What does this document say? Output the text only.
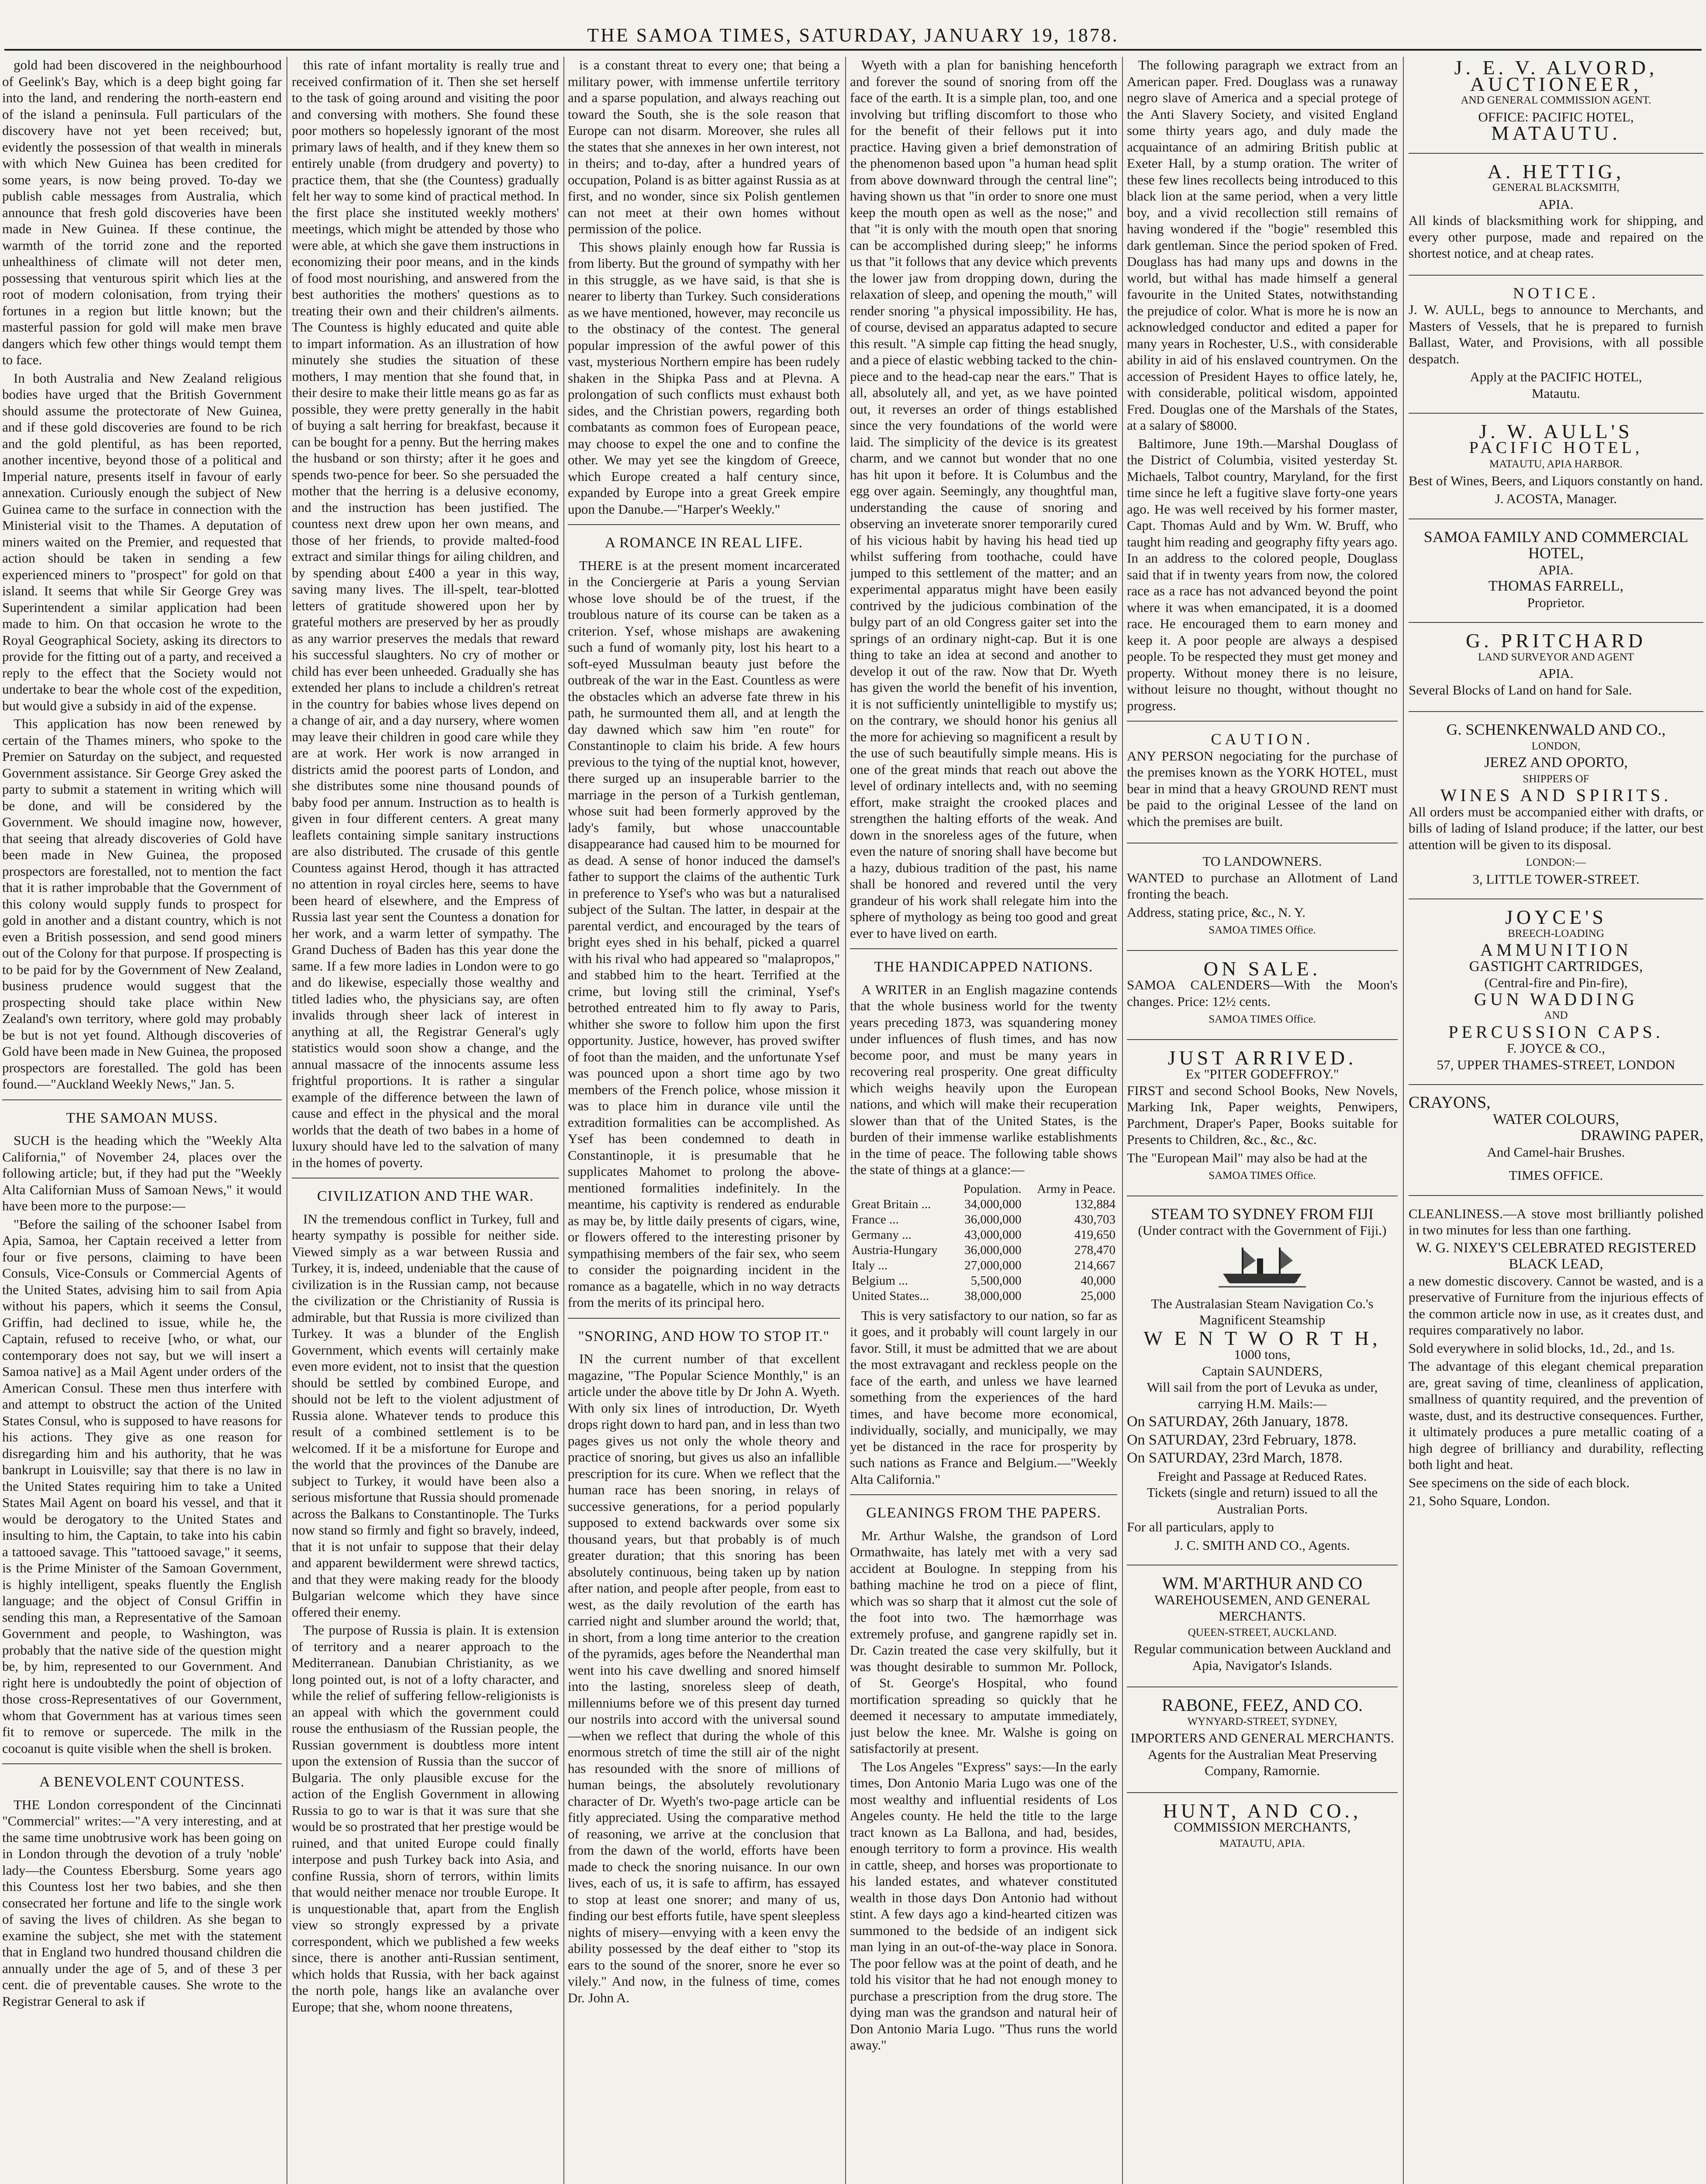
THE SAMOA TIMES, SATURDAY, JANUARY 19, 1878.

gold had been discovered in the neighbourhood of Geelink's Bay, which is a deep bight going far into the land, and rendering the north-eastern end of the island a peninsula. Full particulars of the discovery have not yet been received; but, evidently the possession of that wealth in minerals with which New Guinea has been credited for some years, is now being proved. To-day we publish cable messages from Australia, which announce that fresh gold discoveries have been made in New Guinea. If these continue, the warmth of the torrid zone and the reported unhealthiness of climate will not deter men, possessing that venturous spirit which lies at the root of modern colonisation, from trying their fortunes in a region but little known; but the masterful passion for gold will make men brave dangers which few other things would tempt them to face.

In both Australia and New Zealand religious bodies have urged that the British Government should assume the protectorate of New Guinea, and if these gold discoveries are found to be rich and the gold plentiful, as has been reported, another incentive, beyond those of a political and Imperial nature, presents itself in favour of early annexation. Curiously enough the subject of New Guinea came to the surface in connection with the Ministerial visit to the Thames. A deputation of miners waited on the Premier, and requested that action should be taken in sending a few experienced miners to "prospect" for gold on that island. It seems that while Sir George Grey was Superintendent a similar application had been made to him. On that occasion he wrote to the Royal Geographical Society, asking its directors to provide for the fitting out of a party, and received a reply to the effect that the Society would not undertake to bear the whole cost of the expedition, but would give a subsidy in aid of the expense.

This application has now been renewed by certain of the Thames miners, who spoke to the Premier on Saturday on the subject, and requested Government assistance. Sir George Grey asked the party to submit a statement in writing which will be done, and will be considered by the Government. We should imagine now, however, that seeing that already discoveries of Gold have been made in New Guinea, the proposed prospectors are forestalled, not to mention the fact that it is rather improbable that the Government of this colony would supply funds to prospect for gold in another and a distant country, which is not even a British possession, and send good miners out of the Colony for that purpose. If prospecting is to be paid for by the Government of New Zealand, business prudence would suggest that the prospecting should take place within New Zealand's own territory, where gold may probably be but is not yet found. Although discoveries of Gold have been made in New Guinea, the proposed prospectors are forestalled. The gold has been found.—"Auckland Weekly News," Jan. 5.

THE SAMOAN MUSS.

SUCH is the heading which the "Weekly Alta California," of November 24, places over the following article; but, if they had put the "Weekly Alta Californian Muss of Samoan News," it would have been more to the purpose:—

"Before the sailing of the schooner Isabel from Apia, Samoa, her Captain received a letter from four or five persons, claiming to have been Consuls, Vice-Consuls or Commercial Agents of the United States, advising him to sail from Apia without his papers, which it seems the Consul, Griffin, had declined to issue, while he, the Captain, refused to receive [who, or what, our contemporary does not say, but we will insert a Samoa native] as a Mail Agent under orders of the American Consul. These men thus interfere with and attempt to obstruct the action of the United States Consul, who is supposed to have reasons for his actions. They give as one reason for disregarding him and his authority, that he was bankrupt in Louisville; say that there is no law in the United States requiring him to take a United States Mail Agent on board his vessel, and that it would be derogatory to the United States and insulting to him, the Captain, to take into his cabin a tattooed savage. This "tattooed savage," it seems, is the Prime Minister of the Samoan Government, is highly intelligent, speaks fluently the English language; and the object of Consul Griffin in sending this man, a Representative of the Samoan Government and people, to Washington, was probably that the native side of the question might be, by him, represented to our Government. And right here is undoubtedly the point of objection of those cross-Representatives of our Government, whom that Government has at various times seen fit to remove or supercede. The milk in the cocoanut is quite visible when the shell is broken.

A BENEVOLENT COUNTESS.

THE London correspondent of the Cincinnati "Commercial" writes:—"A very interesting, and at the same time unobtrusive work has been going on in London through the devotion of a truly 'noble' lady—the Countess Ebersburg. Some years ago this Countess lost her two babies, and she then consecrated her fortune and life to the single work of saving the lives of children. As she began to examine the subject, she met with the statement that in England two hundred thousand children die annually under the age of 5, and of these 3 per cent. die of preventable causes. She wrote to the Registrar General to ask if

this rate of infant mortality is really true and received confirmation of it. Then she set herself to the task of going around and visiting the poor and conversing with mothers. She found these poor mothers so hopelessly ignorant of the most primary laws of health, and if they knew them so entirely unable (from drudgery and poverty) to practice them, that she (the Countess) gradually felt her way to some kind of practical method. In the first place she instituted weekly mothers' meetings, which might be attended by those who were able, at which she gave them instructions in economizing their poor means, and in the kinds of food most nourishing, and answered from the best authorities the mothers' questions as to treating their own and their children's ailments. The Countess is highly educated and quite able to impart information. As an illustration of how minutely she studies the situation of these mothers, I may mention that she found that, in their desire to make their little means go as far as possible, they were pretty generally in the habit of buying a salt herring for breakfast, because it can be bought for a penny. But the herring makes the husband or son thirsty; after it he goes and spends two-pence for beer. So she persuaded the mother that the herring is a delusive economy, and the instruction has been justified. The countess next drew upon her own means, and those of her friends, to provide malted-food extract and similar things for ailing children, and by spending about £400 a year in this way, saving many lives. The ill-spelt, tear-blotted letters of gratitude showered upon her by grateful mothers are preserved by her as proudly as any warrior preserves the medals that reward his successful slaughters. No cry of mother or child has ever been unheeded. Gradually she has extended her plans to include a children's retreat in the country for babies whose lives depend on a change of air, and a day nursery, where women may leave their children in good care while they are at work. Her work is now arranged in districts amid the poorest parts of London, and she distributes some nine thousand pounds of baby food per annum. Instruction as to health is given in four different centers. A great many leaflets containing simple sanitary instructions are also distributed. The crusade of this gentle Countess against Herod, though it has attracted no attention in royal circles here, seems to have been heard of elsewhere, and the Empress of Russia last year sent the Countess a donation for her work, and a warm letter of sympathy. The Grand Duchess of Baden has this year done the same. If a few more ladies in London were to go and do likewise, especially those wealthy and titled ladies who, the physicians say, are often invalids through sheer lack of interest in anything at all, the Registrar General's ugly statistics would soon show a change, and the annual massacre of the innocents assume less frightful proportions. It is rather a singular example of the difference between the lawn of cause and effect in the physical and the moral worlds that the death of two babes in a home of luxury should have led to the salvation of many in the homes of poverty.

CIVILIZATION AND THE WAR.

IN the tremendous conflict in Turkey, full and hearty sympathy is possible for neither side. Viewed simply as a war between Russia and Turkey, it is, indeed, undeniable that the cause of civilization is in the Russian camp, not because the civilization or the Christianity of Russia is admirable, but that Russia is more civilized than Turkey. It was a blunder of the English Government, which events will certainly make even more evident, not to insist that the question should be settled by combined Europe, and should not be left to the violent adjustment of Russia alone. Whatever tends to produce this result of a combined settlement is to be welcomed. If it be a misfortune for Europe and the world that the provinces of the Danube are subject to Turkey, it would have been also a serious misfortune that Russia should promenade across the Balkans to Constantinople. The Turks now stand so firmly and fight so bravely, indeed, that it is not unfair to suppose that their delay and apparent bewilderment were shrewd tactics, and that they were making ready for the bloody Bulgarian welcome which they have since offered their enemy.

The purpose of Russia is plain. It is extension of territory and a nearer approach to the Mediterranean. Danubian Christianity, as we long pointed out, is not of a lofty character, and while the relief of suffering fellow-religionists is an appeal with which the government could rouse the enthusiasm of the Russian people, the Russian government is doubtless more intent upon the extension of Russia than the succor of Bulgaria. The only plausible excuse for the action of the English Government in allowing Russia to go to war is that it was sure that she would be so prostrated that her prestige would be ruined, and that united Europe could finally interpose and push Turkey back into Asia, and confine Russia, shorn of terrors, within limits that would neither menace nor trouble Europe. It is unquestionable that, apart from the English view so strongly expressed by a private correspondent, which we published a few weeks since, there is another anti-Russian sentiment, which holds that Russia, with her back against the north pole, hangs like an avalanche over Europe; that she, whom noone threatens,

is a constant threat to every one; that being a military power, with immense unfertile territory and a sparse population, and always reaching out toward the South, she is the sole reason that Europe can not disarm. Moreover, she rules all the states that she annexes in her own interest, not in theirs; and to-day, after a hundred years of occupation, Poland is as bitter against Russia as at first, and no wonder, since six Polish gentlemen can not meet at their own homes without permission of the police.

This shows plainly enough how far Russia is from liberty. But the ground of sympathy with her in this struggle, as we have said, is that she is nearer to liberty than Turkey. Such considerations as we have mentioned, however, may reconcile us to the obstinacy of the contest. The general popular impression of the awful power of this vast, mysterious Northern empire has been rudely shaken in the Shipka Pass and at Plevna. A prolongation of such conflicts must exhaust both sides, and the Christian powers, regarding both combatants as common foes of European peace, may choose to expel the one and to confine the other. We may yet see the kingdom of Greece, which Europe created a half century since, expanded by Europe into a great Greek empire upon the Danube.—"Harper's Weekly."

A ROMANCE IN REAL LIFE.

THERE is at the present moment incarcerated in the Conciergerie at Paris a young Servian whose love should be of the truest, if the troublous nature of its course can be taken as a criterion. Ysef, whose mishaps are awakening such a fund of womanly pity, lost his heart to a soft-eyed Mussulman beauty just before the outbreak of the war in the East. Countless as were the obstacles which an adverse fate threw in his path, he surmounted them all, and at length the day dawned which saw him "en route" for Constantinople to claim his bride. A few hours previous to the tying of the nuptial knot, however, there surged up an insuperable barrier to the marriage in the person of a Turkish gentleman, whose suit had been formerly approved by the lady's family, but whose unaccountable disappearance had caused him to be mourned for as dead. A sense of honor induced the damsel's father to support the claims of the authentic Turk in preference to Ysef's who was but a naturalised subject of the Sultan. The latter, in despair at the parental verdict, and encouraged by the tears of bright eyes shed in his behalf, picked a quarrel with his rival who had appeared so "malapropos," and stabbed him to the heart. Terrified at the crime, but loving still the criminal, Ysef's betrothed entreated him to fly away to Paris, whither she swore to follow him upon the first opportunity. Justice, however, has proved swifter of foot than the maiden, and the unfortunate Ysef was pounced upon a short time ago by two members of the French police, whose mission it was to place him in durance vile until the extradition formalities can be accomplished. As Ysef has been condemned to death in Constantinople, it is presumable that he supplicates Mahomet to prolong the above-mentioned formalities indefinitely. In the meantime, his captivity is rendered as endurable as may be, by little daily presents of cigars, wine, or flowers offered to the interesting prisoner by sympathising members of the fair sex, who seem to consider the poignarding incident in the romance as a bagatelle, which in no way detracts from the merits of its principal hero.

"SNORING, AND HOW TO STOP IT."

IN the current number of that excellent magazine, "The Popular Science Monthly," is an article under the above title by Dr John A. Wyeth. With only six lines of introduction, Dr. Wyeth drops right down to hard pan, and in less than two pages gives us not only the whole theory and practice of snoring, but gives us also an infallible prescription for its cure. When we reflect that the human race has been snoring, in relays of successive generations, for a period popularly supposed to extend backwards over some six thousand years, but that probably is of much greater duration; that this snoring has been absolutely continuous, being taken up by nation after nation, and people after people, from east to west, as the daily revolution of the earth has carried night and slumber around the world; that, in short, from a long time anterior to the creation of the pyramids, ages before the Neanderthal man went into his cave dwelling and snored himself into the lasting, snoreless sleep of death, millenniums before we of this present day turned our nostrils into accord with the universal sound—when we reflect that during the whole of this enormous stretch of time the still air of the night has resounded with the snore of millions of human beings, the absolutely revolutionary character of Dr. Wyeth's two-page article can be fitly appreciated. Using the comparative method of reasoning, we arrive at the conclusion that from the dawn of the world, efforts have been made to check the snoring nuisance. In our own lives, each of us, it is safe to affirm, has essayed to stop at least one snorer; and many of us, finding our best efforts futile, have spent sleepless nights of misery—envying with a keen envy the ability possessed by the deaf either to "stop its ears to the sound of the snorer, snore he ever so vilely." And now, in the fulness of time, comes Dr. John A.

Wyeth with a plan for banishing henceforth and forever the sound of snoring from off the face of the earth. It is a simple plan, too, and one involving but trifling discomfort to those who for the benefit of their fellows put it into practice. Having given a brief demonstration of the phenomenon based upon "a human head split from above downward through the central line"; having shown us that "in order to snore one must keep the mouth open as well as the nose;" and that "it is only with the mouth open that snoring can be accomplished during sleep;" he informs us that "it follows that any device which prevents the lower jaw from dropping down, during the relaxation of sleep, and opening the mouth," will render snoring "a physical impossibility. He has, of course, devised an apparatus adapted to secure this result. "A simple cap fitting the head snugly, and a piece of elastic webbing tacked to the chin-piece and to the head-cap near the ears." That is all, absolutely all, and yet, as we have pointed out, it reverses an order of things established since the very foundations of the world were laid. The simplicity of the device is its greatest charm, and we cannot but wonder that no one has hit upon it before. It is Columbus and the egg over again. Seemingly, any thoughtful man, understanding the cause of snoring and observing an inveterate snorer temporarily cured of his vicious habit by having his head tied up whilst suffering from toothache, could have jumped to this settlement of the matter; and an experimental apparatus might have been easily contrived by the judicious combination of the bulgy part of an old Congress gaiter set into the springs of an ordinary night-cap. But it is one thing to take an idea at second and another to develop it out of the raw. Now that Dr. Wyeth has given the world the benefit of his invention, it is not sufficiently unintelligible to mystify us; on the contrary, we should honor his genius all the more for achieving so magnificent a result by the use of such beautifully simple means. His is one of the great minds that reach out above the level of ordinary intellects and, with no seeming effort, make straight the crooked places and strengthen the halting efforts of the weak. And down in the snoreless ages of the future, when even the nature of snoring shall have become but a hazy, dubious tradition of the past, his name shall be honored and revered until the very grandeur of his work shall relegate him into the sphere of mythology as being too good and great ever to have lived on earth.

THE HANDICAPPED NATIONS.

A WRITER in an English magazine contends that the whole business world for the twenty years preceding 1873, was squandering money under influences of flush times, and has now become poor, and must be many years in recovering real prosperity. One great difficulty which weighs heavily upon the European nations, and which will make their recuperation slower than that of the United States, is the burden of their immense warlike establishments in the time of peace. The following table shows the state of things at a glance:—

	Population.	Army in Peace.
Great Britain ...	34,000,000	132,884
France ...	36,000,000	430,703
Germany ...	43,000,000	419,650
Austria-Hungary	36,000,000	278,470
Italy ...	27,000,000	214,667
Belgium ...	5,500,000	40,000
United States...	38,000,000	25,000

This is very satisfactory to our nation, so far as it goes, and it probably will count largely in our favor. Still, it must be admitted that we are about the most extravagant and reckless people on the face of the earth, and unless we have learned something from the experiences of the hard times, and have become more economical, individually, socially, and municipally, we may yet be distanced in the race for prosperity by such nations as France and Belgium.—"Weekly Alta California."

GLEANINGS FROM THE PAPERS.

Mr. Arthur Walshe, the grandson of Lord Ormathwaite, has lately met with a very sad accident at Boulogne. In stepping from his bathing machine he trod on a piece of flint, which was so sharp that it almost cut the sole of the foot into two. The hæmorrhage was extremely profuse, and gangrene rapidly set in. Dr. Cazin treated the case very skilfully, but it was thought desirable to summon Mr. Pollock, of St. George's Hospital, who found mortification spreading so quickly that he deemed it necessary to amputate immediately, just below the knee. Mr. Walshe is going on satisfactorily at present.

The Los Angeles "Express" says:—In the early times, Don Antonio Maria Lugo was one of the most wealthy and influential residents of Los Angeles county. He held the title to the large tract known as La Ballona, and had, besides, enough territory to form a province. His wealth in cattle, sheep, and horses was proportionate to his landed estates, and whatever constituted wealth in those days Don Antonio had without stint. A few days ago a kind-hearted citizen was summoned to the bedside of an indigent sick man lying in an out-of-the-way place in Sonora. The poor fellow was at the point of death, and he told his visitor that he had not enough money to purchase a prescription from the drug store. The dying man was the grandson and natural heir of Don Antonio Maria Lugo. "Thus runs the world away."

The following paragraph we extract from an American paper. Fred. Douglass was a runaway negro slave of America and a special protege of the Anti Slavery Society, and visited England some thirty years ago, and duly made the acquaintance of an admiring British public at Exeter Hall, by a stump oration. The writer of these few lines recollects being introduced to this black lion at the same period, when a very little boy, and a vivid recollection still remains of having wondered if the "bogie" resembled this dark gentleman. Since the period spoken of Fred. Douglass has had many ups and downs in the world, but withal has made himself a general favourite in the United States, notwithstanding the prejudice of color. What is more he is now an acknowledged conductor and edited a paper for many years in Rochester, U.S., with considerable ability in aid of his enslaved countrymen. On the accession of President Hayes to office lately, he, with considerable, political wisdom, appointed Fred. Douglas one of the Marshals of the States, at a salary of $8000.

Baltimore, June 19th.—Marshal Douglass of the District of Columbia, visited yesterday St. Michaels, Talbot country, Maryland, for the first time since he left a fugitive slave forty-one years ago. He was well received by his former master, Capt. Thomas Auld and by Wm. W. Bruff, who taught him reading and geography fifty years ago. In an address to the colored people, Douglass said that if in twenty years from now, the colored race as a race has not advanced beyond the point where it was when emancipated, it is a doomed race. He encouraged them to earn money and keep it. A poor people are always a despised people. To be respected they must get money and property. Without money there is no leisure, without leisure no thought, without thought no progress.

CAUTION.

ANY PERSON negociating for the purchase of the premises known as the YORK HOTEL, must bear in mind that a heavy GROUND RENT must be paid to the original Lessee of the land on which the premises are built.

TO LANDOWNERS.

WANTED to purchase an Allotment of Land fronting the beach.

Address, stating price, &c., N. Y.

SAMOA TIMES Office.
ON SALE.

SAMOA CALENDERS—With the Moon's changes. Price: 12½ cents.

SAMOA TIMES Office.
JUST ARRIVED.
Ex "PITER GODEFFROY."

FIRST and second School Books, New Novels, Marking Ink, Paper weights, Penwipers, Parchment, Draper's Paper, Books suitable for Presents to Children, &c., &c., &c.

The "European Mail" may also be had at the

SAMOA TIMES Office.
STEAM TO SYDNEY FROM FIJI
(Under contract with the Government of Fiji.)

The Australasian Steam Navigation Co.'s Magnificent Steamship

W E N T W O R T H,
1000 tons,
Captain SAUNDERS,

Will sail from the port of Levuka as under, carrying H.M. Mails:—

On SATURDAY, 26th January, 1878.

On SATURDAY, 23rd February, 1878.

On SATURDAY, 23rd March, 1878.

Freight and Passage at Reduced Rates.

Tickets (single and return) issued to all the Australian Ports.

For all particulars, apply to

J. C. SMITH AND CO., Agents.
WM. M'ARTHUR AND CO
WAREHOUSEMEN, AND GENERAL MERCHANTS.
QUEEN-STREET, AUCKLAND.

Regular communication between Auckland and Apia, Navigator's Islands.

RABONE, FEEZ, AND CO.
WYNYARD-STREET, SYDNEY,
IMPORTERS AND GENERAL MERCHANTS.

Agents for the Australian Meat Preserving Company, Ramornie.

HUNT, AND CO.,
COMMISSION MERCHANTS,
MATAUTU, APIA.
J. E. V. ALVORD,
AUCTIONEER,
AND GENERAL COMMISSION AGENT.
OFFICE: PACIFIC HOTEL,
MATAUTU.
A. HETTIG,
GENERAL BLACKSMITH,
APIA.

All kinds of blacksmithing work for shipping, and every other purpose, made and repaired on the shortest notice, and at cheap rates.

NOTICE.

J. W. AULL, begs to announce to Merchants, and Masters of Vessels, that he is prepared to furnish Ballast, Water, and Provisions, with all possible despatch.

Apply at the PACIFIC HOTEL,
Matautu.
J. W. AULL'S
PACIFIC HOTEL,
MATAUTU, APIA HARBOR.

Best of Wines, Beers, and Liquors constantly on hand.

J. ACOSTA, Manager.
SAMOA FAMILY AND COMMERCIAL HOTEL,
APIA.
THOMAS FARRELL,
Proprietor.
G. PRITCHARD
LAND SURVEYOR AND AGENT
APIA.

Several Blocks of Land on hand for Sale.

G. SCHENKENWALD AND CO.,
LONDON,
JEREZ AND OPORTO,
SHIPPERS OF
WINES AND SPIRITS.

All orders must be accompanied either with drafts, or bills of lading of Island produce; if the latter, our best attention will be given to its disposal.

LONDON:—
3, LITTLE TOWER-STREET.
JOYCE'S
BREECH-LOADING
AMMUNITION
GASTIGHT CARTRIDGES,
(Central-fire and Pin-fire),
GUN WADDING
AND
PERCUSSION CAPS.
F. JOYCE & CO.,
57, UPPER THAMES-STREET, LONDON
CRAYONS,
WATER COLOURS,
DRAWING PAPER,
And Camel-hair Brushes.
TIMES OFFICE.

CLEANLINESS.—A stove most brilliantly polished in two minutes for less than one farthing.

W. G. NIXEY'S CELEBRATED REGISTERED BLACK LEAD,

a new domestic discovery. Cannot be wasted, and is a preservative of Furniture from the injurious effects of the common article now in use, as it creates dust, and requires comparatively no labor.

Sold everywhere in solid blocks, 1d., 2d., and 1s.

The advantage of this elegant chemical preparation are, great saving of time, cleanliness of application, smallness of quantity required, and the prevention of waste, dust, and its destructive consequences. Further, it ultimately produces a pure metallic coating of a high degree of brilliancy and durability, reflecting both light and heat.

See specimens on the side of each block.

21, Soho Square, London.
